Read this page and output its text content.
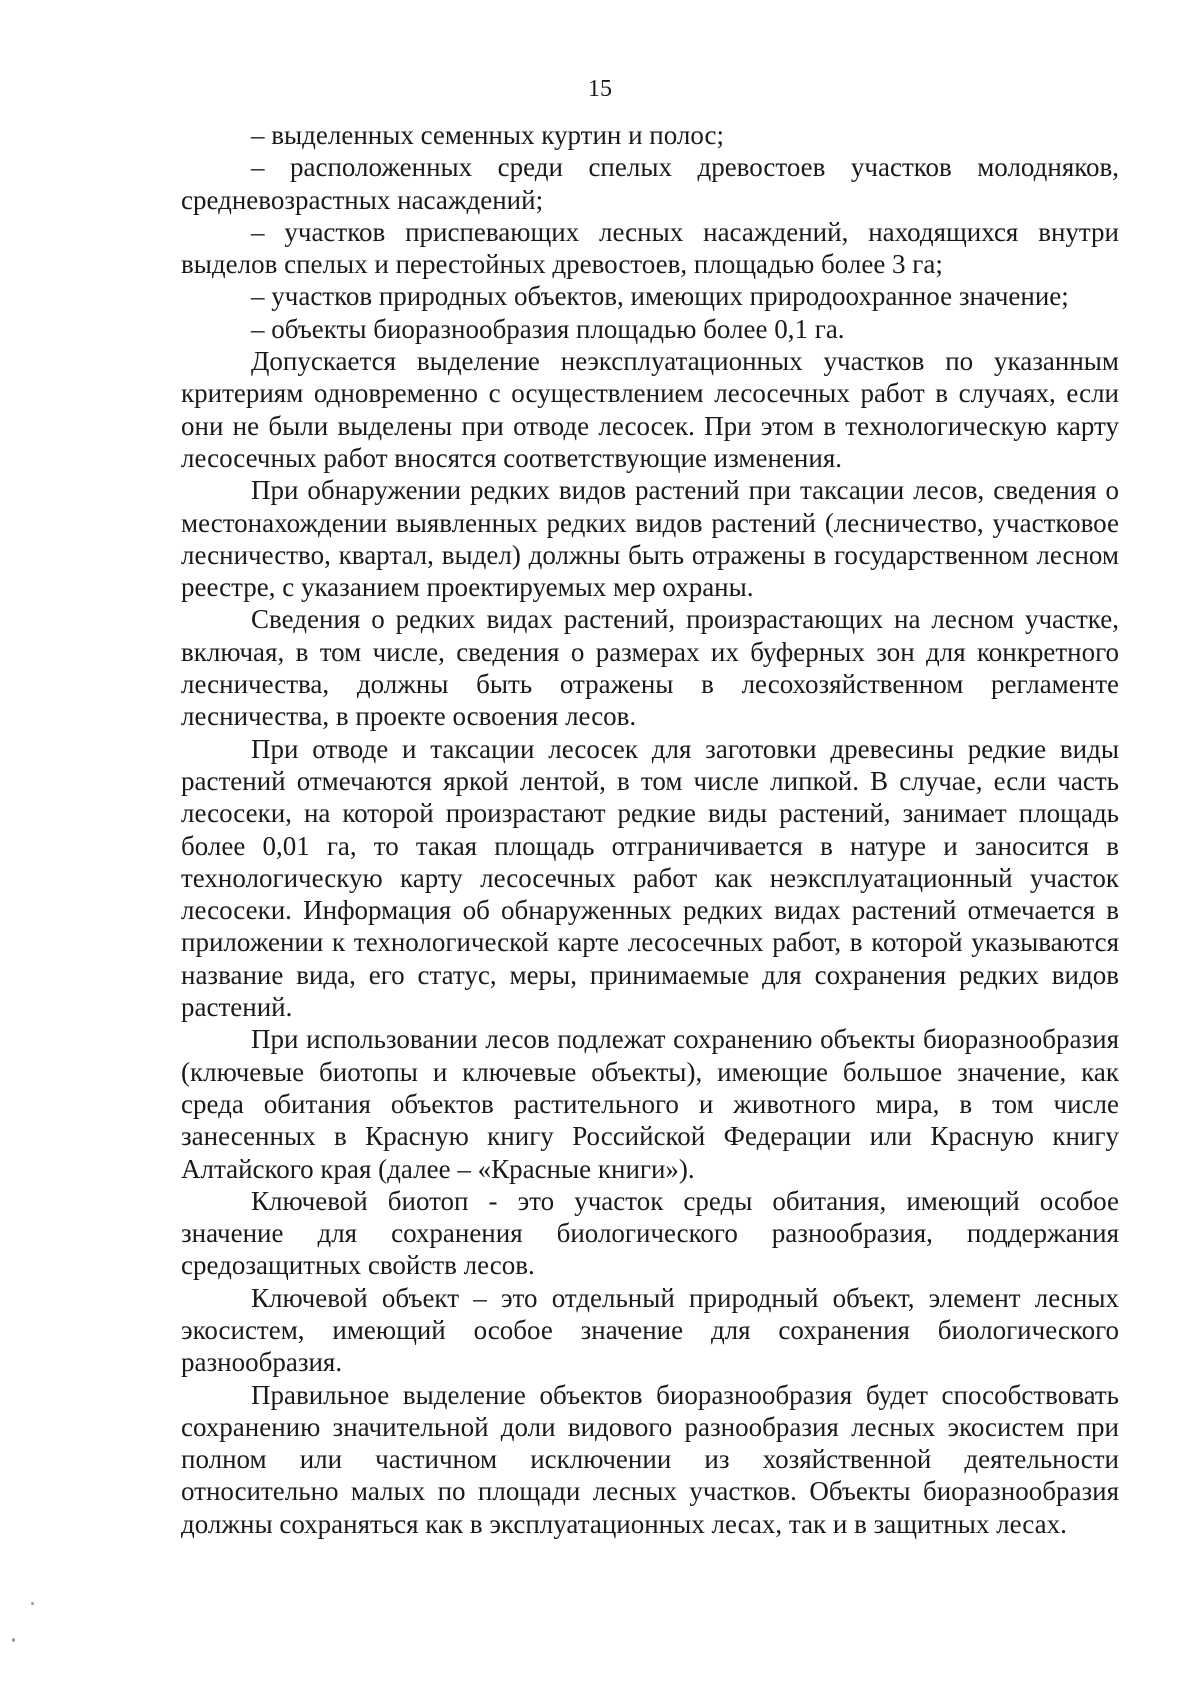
15

– выделенных семенных куртин и полос;

– расположенных среди спелых древостоев участков молодняков, средневозрастных насаждений;

– участков приспевающих лесных насаждений, находящихся внутри выделов спелых и перестойных древостоев, площадью более 3 га;

– участков природных объектов, имеющих природоохранное значение;

– объекты биоразнообразия площадью более 0,1 га.

Допускается выделение неэксплуатационных участков по указанным критериям одновременно с осуществлением лесосечных работ в случаях, если они не были выделены при отводе лесосек. При этом в технологическую карту лесосечных работ вносятся соответствующие изменения.

При обнаружении редких видов растений при таксации лесов, сведения о местонахождении выявленных редких видов растений (лесничество, участковое лесничество, квартал, выдел) должны быть отражены в государственном лесном реестре, с указанием проектируемых мер охраны.

Сведения о редких видах растений, произрастающих на лесном участке, включая, в том числе, сведения о размерах их буферных зон для конкретного лесничества, должны быть отражены в лесохозяйственном регламенте лесничества, в проекте освоения лесов.

При отводе и таксации лесосек для заготовки древесины редкие виды растений отмечаются яркой лентой, в том числе липкой. В случае, если часть лесосеки, на которой произрастают редкие виды растений, занимает площадь более 0,01 га, то такая площадь отграничивается в натуре и заносится в технологическую карту лесосечных работ как неэксплуатационный участок лесосеки. Информация об обнаруженных редких видах растений отмечается в приложении к технологической карте лесосечных работ, в которой указываются название вида, его статус, меры, принимаемые для сохранения редких видов растений.

При использовании лесов подлежат сохранению объекты биоразнообразия (ключевые биотопы и ключевые объекты), имеющие большое значение, как среда обитания объектов растительного и животного мира, в том числе занесенных в Красную книгу Российской Федерации или Красную книгу Алтайского края (далее – «Красные книги»).

Ключевой биотоп - это участок среды обитания, имеющий особое значение для сохранения биологического разнообразия, поддержания средозащитных свойств лесов.

Ключевой объект – это отдельный природный объект, элемент лесных экосистем, имеющий особое значение для сохранения биологического разнообразия.

Правильное выделение объектов биоразнообразия будет способствовать сохранению значительной доли видового разнообразия лесных экосистем при полном или частичном исключении из хозяйственной деятельности относительно малых по площади лесных участков. Объекты биоразнообразия должны сохраняться как в эксплуатационных лесах, так и в защитных лесах.
